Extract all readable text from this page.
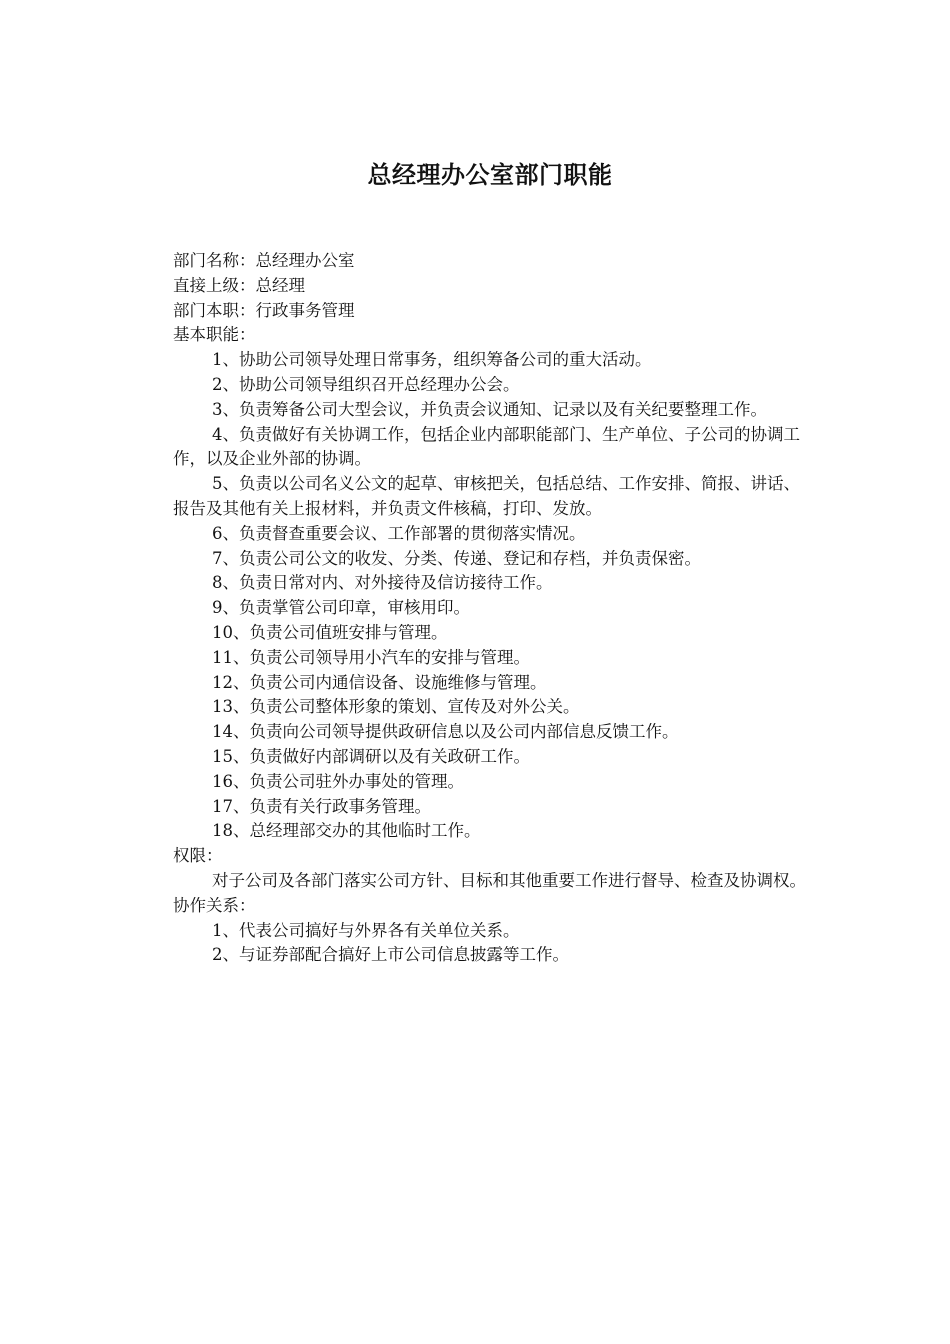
总经理办公室部门职能

部门名称：总经理办公室

直接上级：总经理

部门本职：行政事务管理

基本职能：

1、协助公司领导处理日常事务，组织筹备公司的重大活动。

2、协助公司领导组织召开总经理办公会。

3、负责筹备公司大型会议，并负责会议通知、记录以及有关纪要整理工作。

4、负责做好有关协调工作，包括企业内部职能部门、生产单位、子公司的协调工作，以及企业外部的协调。

5、负责以公司名义公文的起草、审核把关，包括总结、工作安排、简报、讲话、报告及其他有关上报材料，并负责文件核稿，打印、发放。

6、负责督查重要会议、工作部署的贯彻落实情况。

7、负责公司公文的收发、分类、传递、登记和存档，并负责保密。

8、负责日常对内、对外接待及信访接待工作。

9、负责掌管公司印章，审核用印。

10、负责公司值班安排与管理。

11、负责公司领导用小汽车的安排与管理。

12、负责公司内通信设备、设施维修与管理。

13、负责公司整体形象的策划、宣传及对外公关。

14、负责向公司领导提供政研信息以及公司内部信息反馈工作。

15、负责做好内部调研以及有关政研工作。

16、负责公司驻外办事处的管理。

17、负责有关行政事务管理。

18、总经理部交办的其他临时工作。

权限：

对子公司及各部门落实公司方针、目标和其他重要工作进行督导、检查及协调权。

协作关系：

1、代表公司搞好与外界各有关单位关系。

2、与证券部配合搞好上市公司信息披露等工作。
